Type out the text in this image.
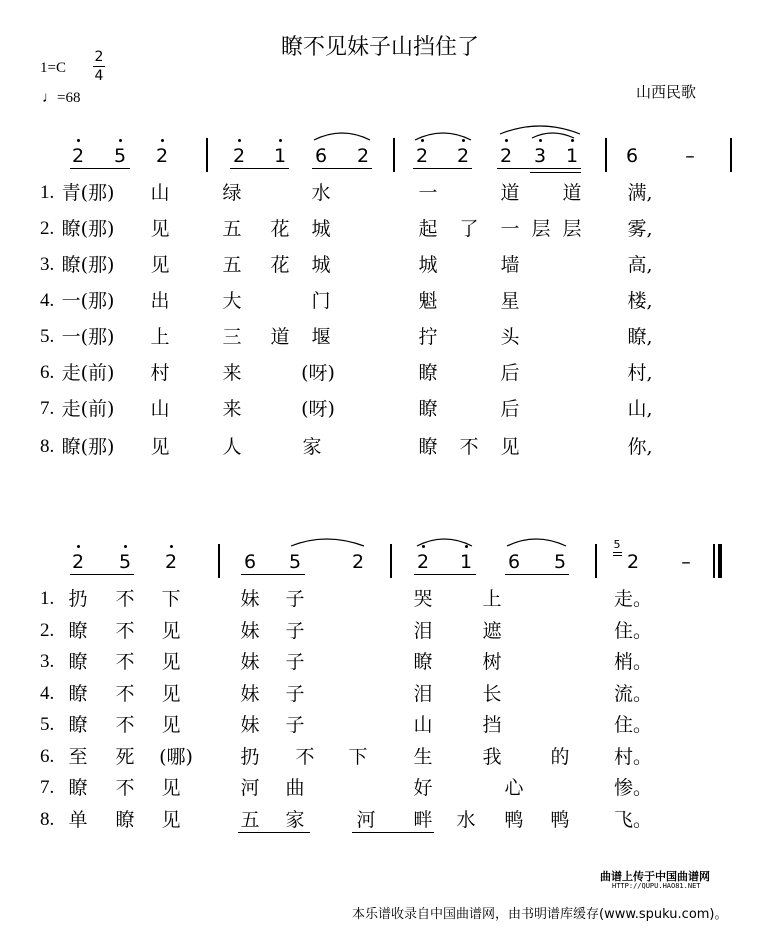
瞭不见妹子山挡住了
1=C
2
4
♩=68	山西民歌
2 5 2	2 1 6 2 2 2 2 3 1	6 –
1. 青(那) 山	绿	水	一	道 道 满,
2. 瞭(那) 见	五 花 城	起 了 一 层 层 雾,
3. 瞭(那) 见	五 花 城	城	墙	高,
4. 一(那) 出	大	门	魁	星	楼,
5. 一(那) 上	三 道 堰	拧	头	瞭,
6. 走(前) 村	来	(呀)	瞭	后	村,
7. 走(前) 山	来	(呀)	瞭	后	山,
8. 瞭(那) 见	人	家	瞭 不 见	你,
2 5 2	6 5	2	2 1 6 5	2 –
5
1. 扔 不 下	妹 子	哭	上	走。
2. 瞭 不 见	妹 子	泪	遮	住。
3. 瞭 不 见	妹 子	瞭	树	梢。
4. 瞭 不 见	妹 子	泪	长	流。
5. 瞭 不 见	妹 子	山	挡	住。
6. 至 死 (哪)	扔 不 下 生	我	的 村。
7. 瞭 不 见	河 曲	好	心	惨。
8. 单 瞭 见	五 家	河 畔 水 鸭 鸭 飞。
曲谱上传于中国曲谱网
HTTP://QUPU.HAO81.NET
本乐谱收录自中国曲谱网，由书明谱库缓存(www.spuku.com)。
